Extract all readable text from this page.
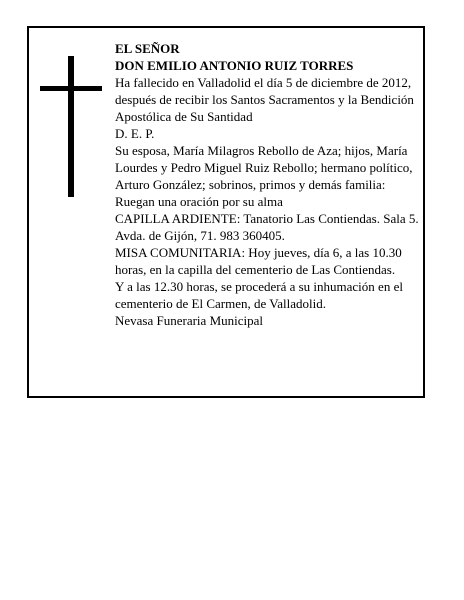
EL SEÑOR

DON EMILIO ANTONIO RUIZ TORRES

Ha fallecido en Valladolid el día 5 de diciembre de 2012, después de recibir los Santos Sacramentos y la Bendición Apostólica de Su Santidad

D. E. P.

Su esposa, María Milagros Rebollo de Aza; hijos, María Lourdes y Pedro Miguel Ruiz Rebollo; hermano político, Arturo González; sobrinos, primos y demás familia:

Ruegan una oración por su alma

CAPILLA ARDIENTE: Tanatorio Las Contiendas. Sala 5. Avda. de Gijón, 71. 983 360405.

MISA COMUNITARIA: Hoy jueves, día 6, a las 10.30 horas, en la capilla del cementerio de Las Contiendas.

Y a las 12.30 horas, se procederá a su inhumación en el cementerio de El Carmen, de Valladolid.

Nevasa Funeraria Municipal
